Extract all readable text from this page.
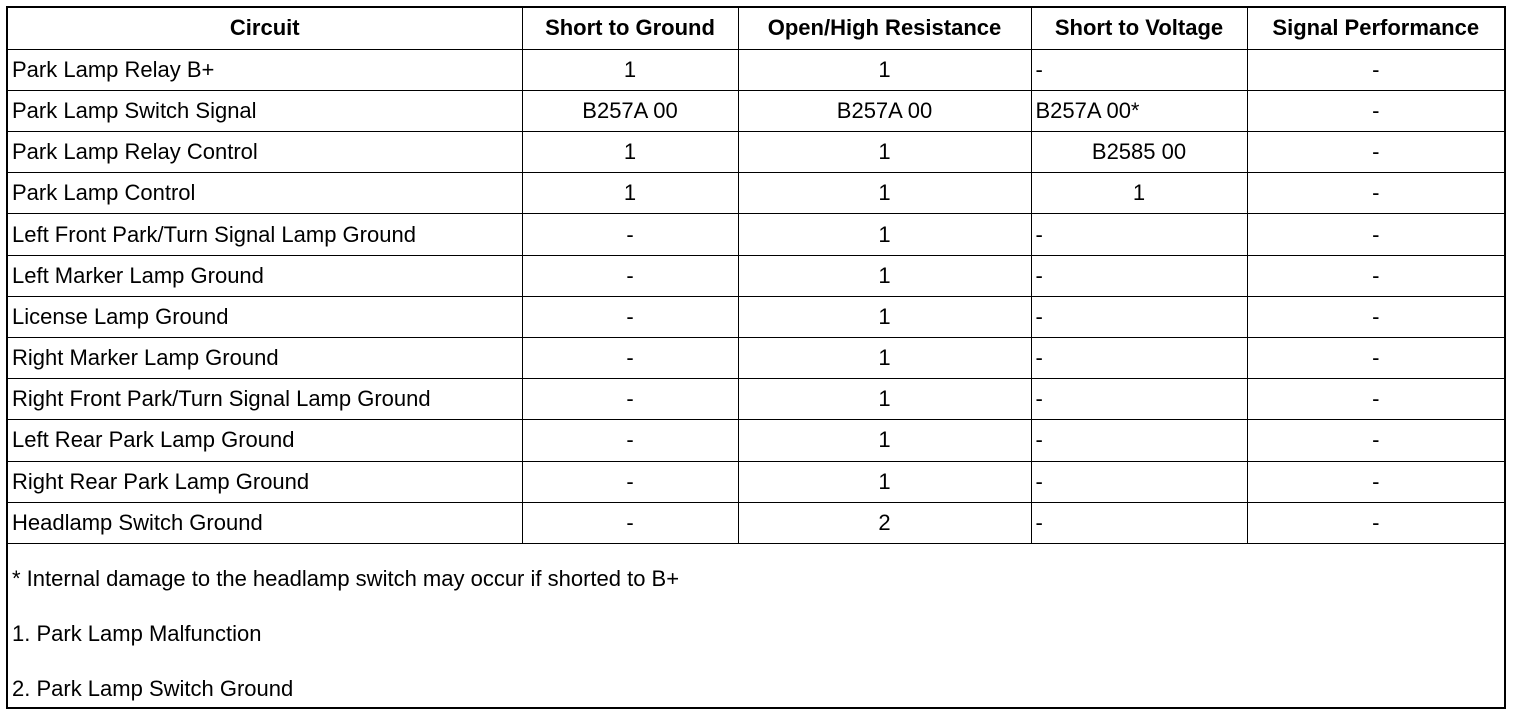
Circuit	Short to Ground	Open/High Resistance	Short to Voltage	Signal Performance
Park Lamp Relay B+	1	1	-	-
Park Lamp Switch Signal	B257A 00	B257A 00	B257A 00*	-
Park Lamp Relay Control	1	1	B2585 00	-
Park Lamp Control	1	1	1	-
Left Front Park/Turn Signal Lamp Ground	-	1	-	-
Left Marker Lamp Ground	-	1	-	-
License Lamp Ground	-	1	-	-
Right Marker Lamp Ground	-	1	-	-
Right Front Park/Turn Signal Lamp Ground	-	1	-	-
Left Rear Park Lamp Ground	-	1	-	-
Right Rear Park Lamp Ground	-	1	-	-
Headlamp Switch Ground	-	2	-	-
* Internal damage to the headlamp switch may occur if shorted to B+
1. Park Lamp Malfunction
2. Park Lamp Switch Ground
